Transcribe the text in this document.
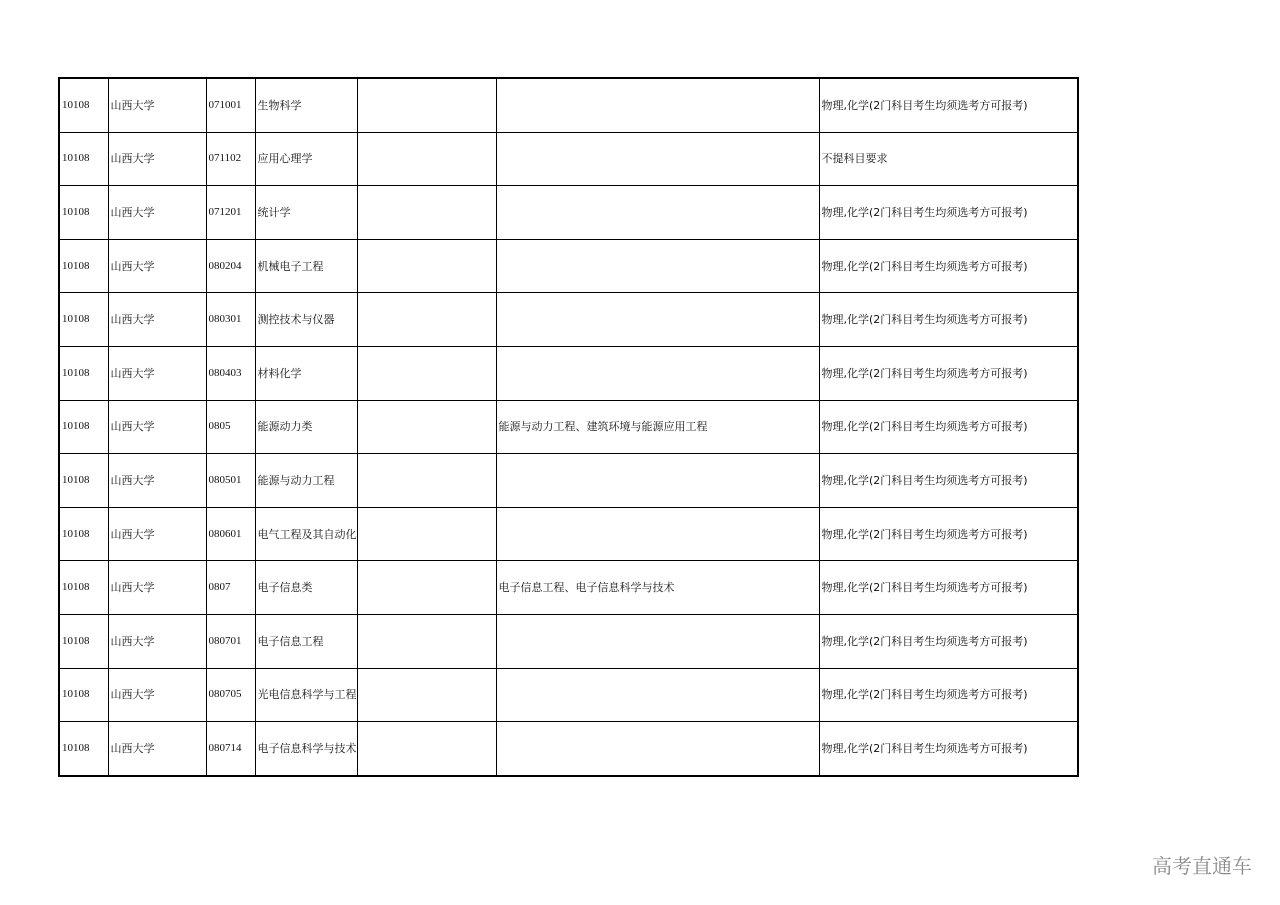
10108	山西大学	071001	生物科学			物理,化学(2门科目考生均须选考方可报考)
10108	山西大学	071102	应用心理学			不提科目要求
10108	山西大学	071201	统计学			物理,化学(2门科目考生均须选考方可报考)
10108	山西大学	080204	机械电子工程			物理,化学(2门科目考生均须选考方可报考)
10108	山西大学	080301	测控技术与仪器			物理,化学(2门科目考生均须选考方可报考)
10108	山西大学	080403	材料化学			物理,化学(2门科目考生均须选考方可报考)
10108	山西大学	0805	能源动力类		能源与动力工程、建筑环境与能源应用工程	物理,化学(2门科目考生均须选考方可报考)
10108	山西大学	080501	能源与动力工程			物理,化学(2门科目考生均须选考方可报考)
10108	山西大学	080601	电气工程及其自动化			物理,化学(2门科目考生均须选考方可报考)
10108	山西大学	0807	电子信息类		电子信息工程、电子信息科学与技术	物理,化学(2门科目考生均须选考方可报考)
10108	山西大学	080701	电子信息工程			物理,化学(2门科目考生均须选考方可报考)
10108	山西大学	080705	光电信息科学与工程			物理,化学(2门科目考生均须选考方可报考)
10108	山西大学	080714	电子信息科学与技术			物理,化学(2门科目考生均须选考方可报考)
高考直通车
